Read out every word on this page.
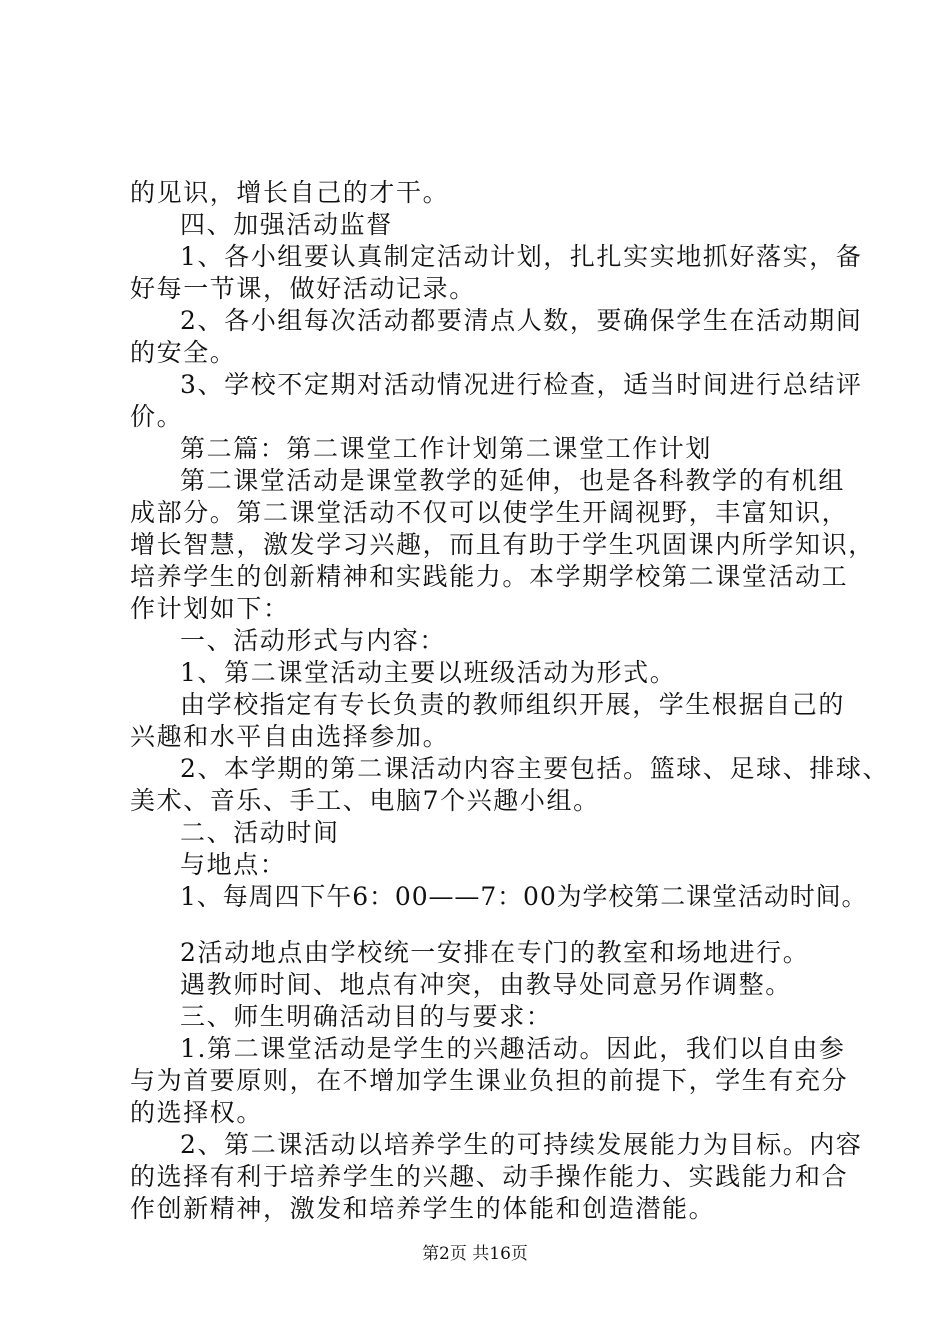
的见识，增长自己的才干。
四、加强活动监督
1、各小组要认真制定活动计划，扎扎实实地抓好落实，备
好每一节课，做好活动记录。
2、各小组每次活动都要清点人数，要确保学生在活动期间
的安全。
3、学校不定期对活动情况进行检查，适当时间进行总结评
价。
第二篇：第二课堂工作计划第二课堂工作计划
第二课堂活动是课堂教学的延伸，也是各科教学的有机组
成部分。第二课堂活动不仅可以使学生开阔视野，丰富知识，
增长智慧，激发学习兴趣，而且有助于学生巩固课内所学知识，
培养学生的创新精神和实践能力。本学期学校第二课堂活动工
作计划如下：
一、活动形式与内容：
1、第二课堂活动主要以班级活动为形式。
由学校指定有专长负责的教师组织开展，学生根据自己的
兴趣和水平自由选择参加。
2、本学期的第二课活动内容主要包括。篮球、足球、排球、
美术、音乐、手工、电脑7个兴趣小组。
二、活动时间
与地点：
1、每周四下午6：00——7：00为学校第二课堂活动时间。
2活动地点由学校统一安排在专门的教室和场地进行。
遇教师时间、地点有冲突，由教导处同意另作调整。
三、师生明确活动目的与要求：
1.第二课堂活动是学生的兴趣活动。因此，我们以自由参
与为首要原则，在不增加学生课业负担的前提下，学生有充分
的选择权。
2、第二课活动以培养学生的可持续发展能力为目标。内容
的选择有利于培养学生的兴趣、动手操作能力、实践能力和合
作创新精神，激发和培养学生的体能和创造潜能。
第2页 共16页
